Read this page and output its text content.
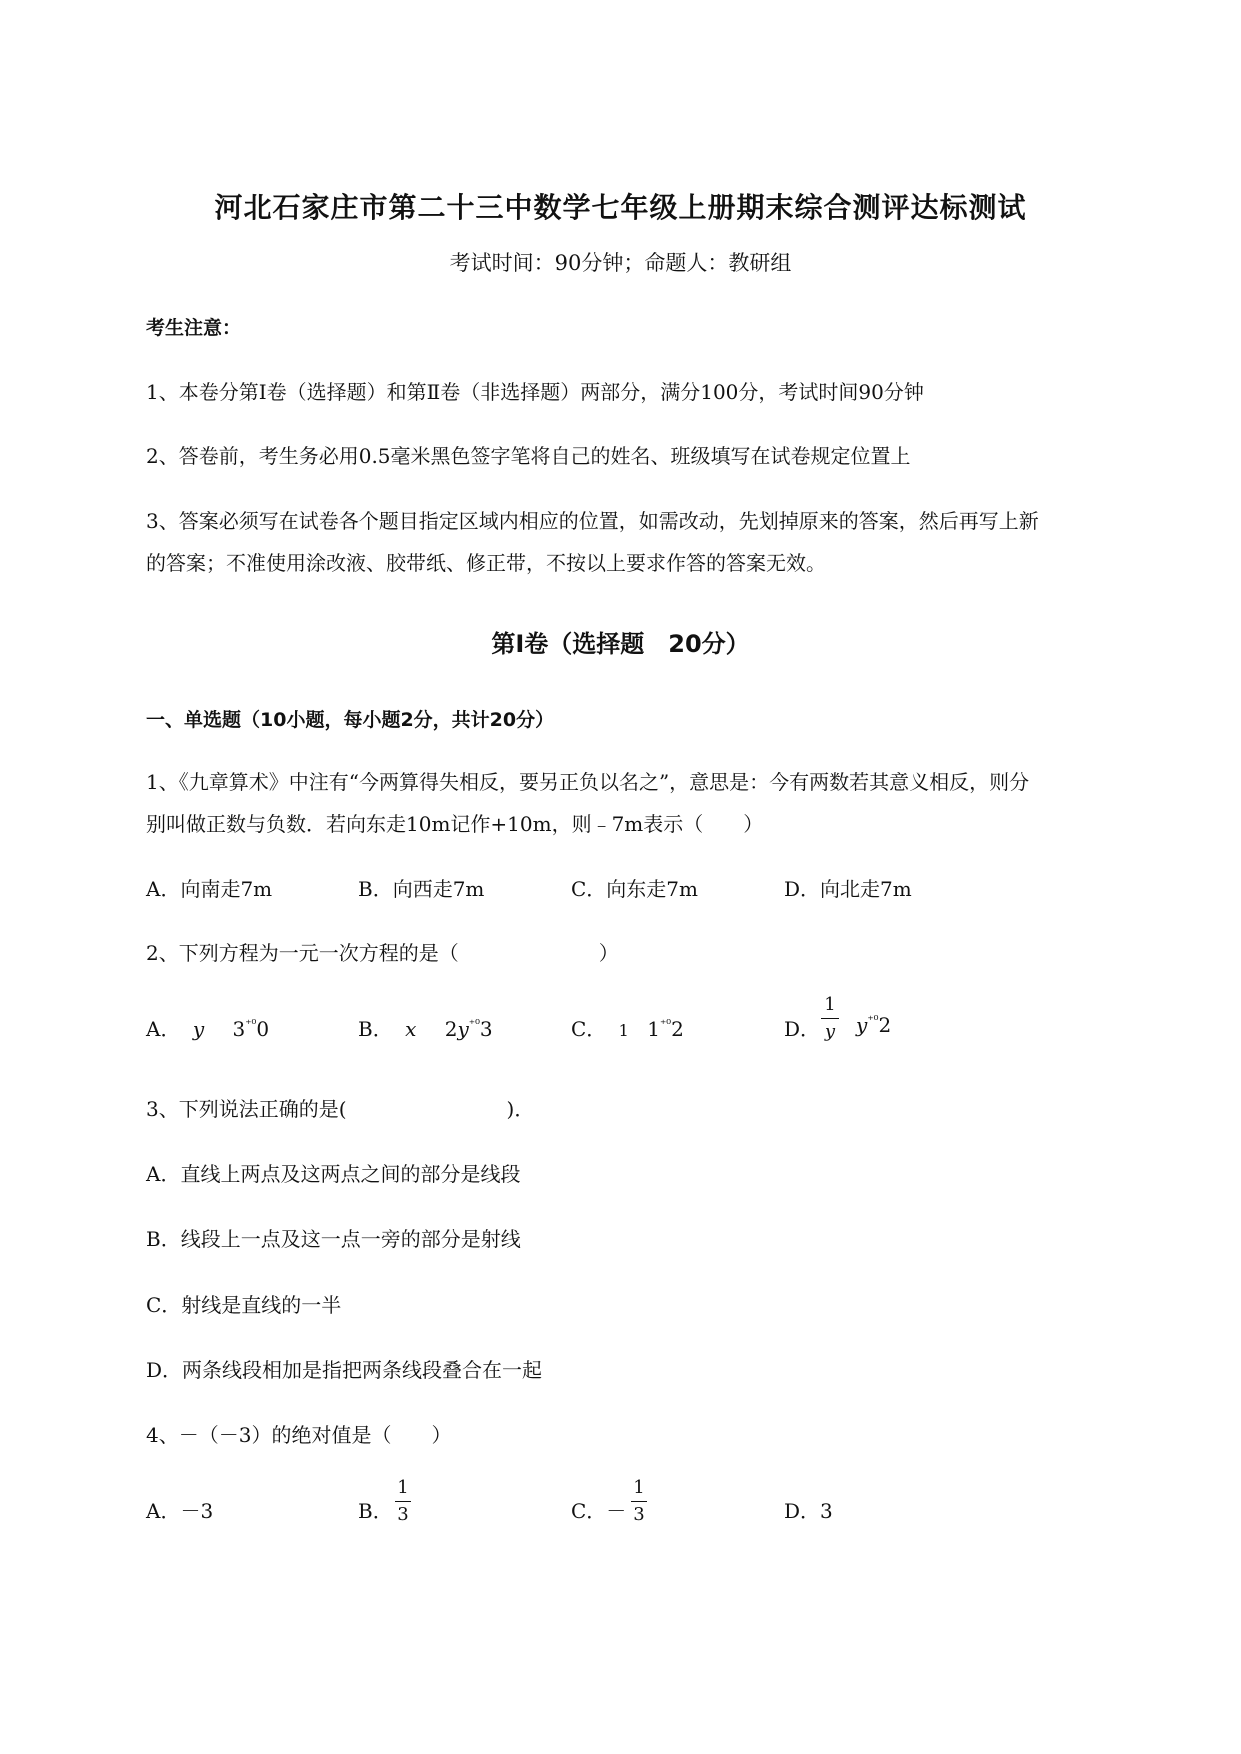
河北石家庄市第二十三中数学七年级上册期末综合测评达标测试
考试时间：90分钟；命题人：教研组
考生注意：
1、本卷分第Ⅰ卷（选择题）和第Ⅱ卷（非选择题）两部分，满分100分，考试时间90分钟
2、答卷前，考生务必用0.5毫米黑色签字笔将自己的姓名、班级填写在试卷规定位置上
3、答案必须写在试卷各个题目指定区域内相应的位置，如需改动，先划掉原来的答案，然后再写上新
的答案；不准使用涂改液、胶带纸、修正带，不按以上要求作答的答案无效。
第Ⅰ卷（选择题　20分）
一、单选题（10小题，每小题2分，共计20分）
1、《九章算术》中注有“今两算得失相反，要另正负以名之”，意思是：今有两数若其意义相反，则分
别叫做正数与负数．若向东走10m记作+10m，则﹣7m表示（　　）
A．向南走7m	B．向西走7m	C．向东走7m	D．向北走7m
2、下列方程为一元一次方程的是（　　　　　　　）
A． y $3^{^{+0}}0$	B． x $2y^{^{+0}}3$	C． 1 $1^{^{+0}}2$	D．
1
y $y^{^{+0}}2$
3、下列说法正确的是(　　　　　　　　)．
A．直线上两点及这两点之间的部分是线段
B．线段上一点及这一点一旁的部分是射线
C．射线是直线的一半
D．两条线段相加是指把两条线段叠合在一起
4、－（－3）的绝对值是（　　）
A．－3	B．
1
3	C．－
1
3	D．3
